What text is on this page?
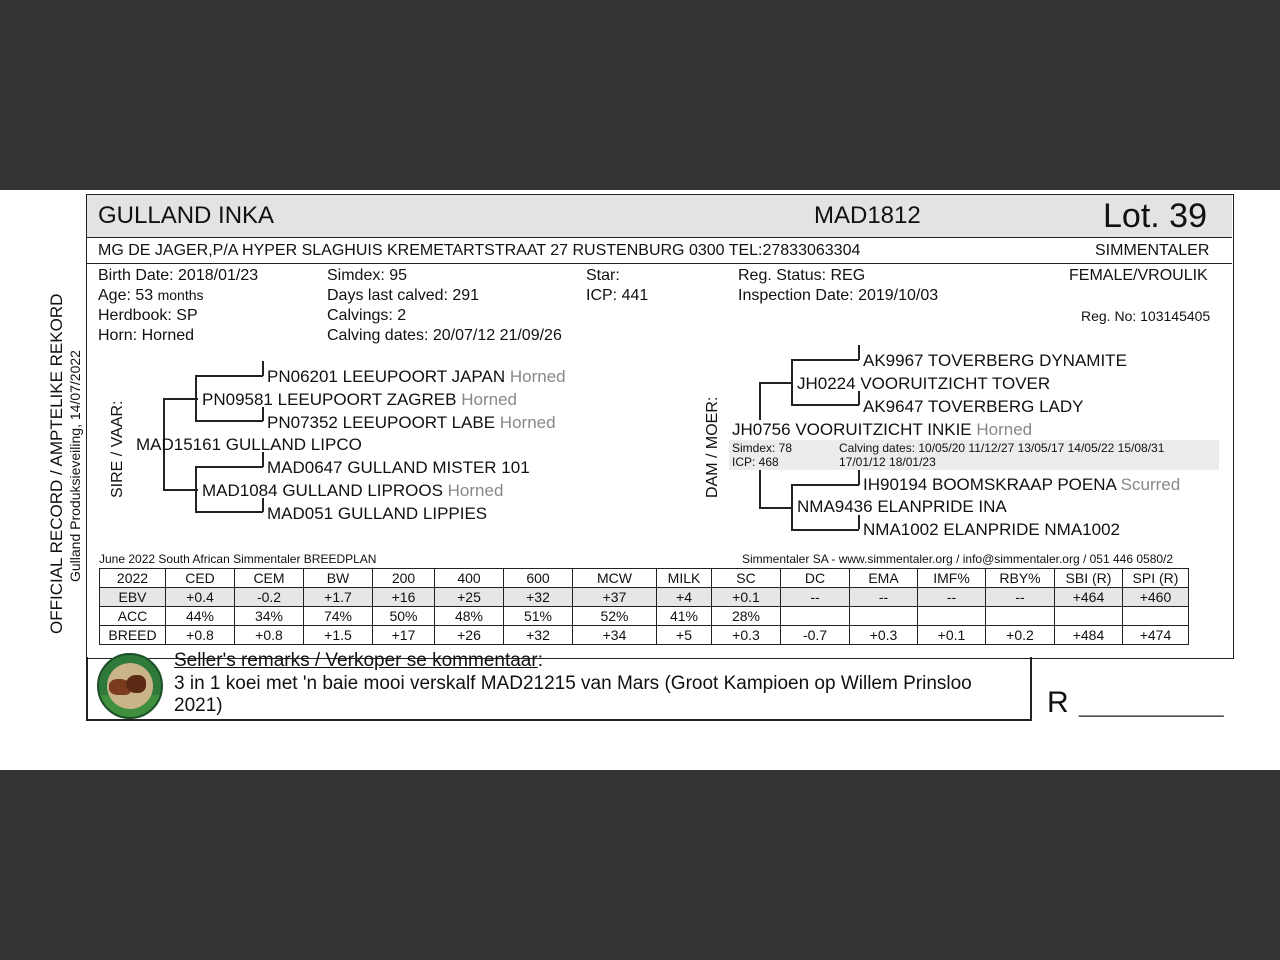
OFFICIAL RECORD / AMPTELIKE REKORD Gulland Produksieveiling, 14/07/2022
GULLAND INKA	MAD1812	Lot. 39
MG DE JAGER,P/A HYPER SLAGHUIS KREMETARTSTRAAT 27 RUSTENBURG 0300 TEL:27833063304	SIMMENTALER
Birth Date: 2018/01/23
Age: 53 months
Herdbook: SP
Horn: Horned
Simdex: 95
Days last calved: 291
Calvings: 2
Calving dates: 20/07/12 21/09/26
Star:
ICP: 441
Reg. Status: REG
Inspection Date: 2019/10/03
FEMALE/VROULIK
Reg. No: 103145405
SIRE / VAAR:
PN06201 LEEUPOORT JAPAN Horned
PN09581 LEEUPOORT ZAGREB Horned
PN07352 LEEUPOORT LABE Horned
MAD15161 GULLAND LIPCO
MAD0647 GULLAND MISTER 101
MAD1084 GULLAND LIPROOS Horned
MAD051 GULLAND LIPPIES
DAM / MOER:
AK9967 TOVERBERG DYNAMITE
JH0224 VOORUITZICHT TOVER
AK9647 TOVERBERG LADY
JH0756 VOORUITZICHT INKIE Horned
Simdex: 78
ICP: 468
Calving dates: 10/05/20 11/12/27 13/05/17 14/05/22 15/08/31
17/01/12 18/01/23
IH90194 BOOMSKRAAP POENA Scurred
NMA9436 ELANPRIDE INA
NMA1002 ELANPRIDE NMA1002
June 2022 South African Simmentaler BREEDPLAN	Simmentaler SA - www.simmentaler.org / info@simmentaler.org / 051 446 0580/2
2022	CED	CEM	BW	200	400	600	MCW	MILK	SC	DC	EMA	IMF%	RBY%	SBI (R)	SPI (R)
EBV	+0.4	-0.2	+1.7	+16	+25	+32	+37	+4	+0.1	--	--	--	--	+464	+460
ACC	44%	34%	74%	50%	48%	51%	52%	41%	28%						
BREED	+0.8	+0.8	+1.5	+17	+26	+32	+34	+5	+0.3	-0.7	+0.3	+0.1	+0.2	+484	+474
Seller's remarks / Verkoper se kommentaar:
3 in 1 koei met 'n baie mooi verskalf MAD21215 van Mars (Groot Kampioen op Willem Prinsloo
2021)	R __________
